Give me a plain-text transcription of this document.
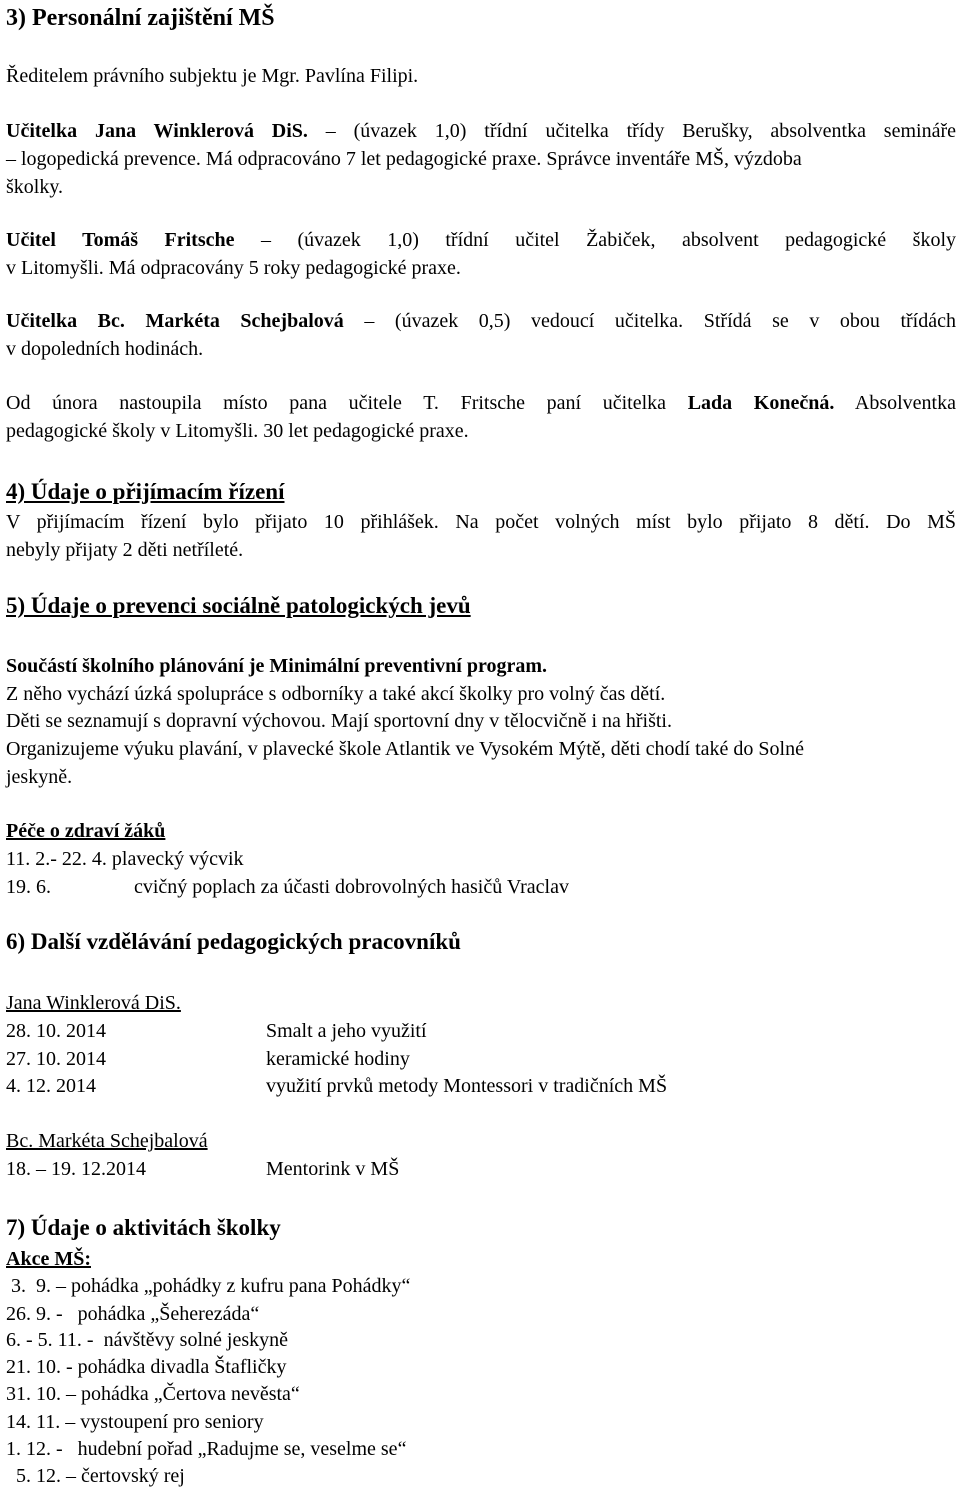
3) Personální zajištění MŠ
Ředitelem právního subjektu je Mgr. Pavlína Filipi.
Učitelka Jana Winklerová DiS. – (úvazek 1,0) třídní učitelka třídy Berušky, absolventka semináře
– logopedická prevence. Má odpracováno 7 let pedagogické praxe. Správce inventáře MŠ, výzdoba
školky.
Učitel Tomáš Fritsche – (úvazek 1,0) třídní učitel Žabiček, absolvent pedagogické školy
v Litomyšli. Má odpracovány 5 roky pedagogické praxe.
Učitelka Bc. Markéta Schejbalová – (úvazek 0,5) vedoucí učitelka. Střídá se v obou třídách
v dopoledních hodinách.
Od února nastoupila místo pana učitele T. Fritsche paní učitelka Lada Konečná. Absolventka
pedagogické školy v Litomyšli. 30 let pedagogické praxe.
4) Údaje o přijímacím řízení
V přijímacím řízení bylo přijato 10 přihlášek. Na počet volných míst bylo přijato 8 dětí. Do MŠ
nebyly přijaty 2 děti netříleté.
5) Údaje o prevenci sociálně patologických jevů
Součástí školního plánování je Minimální preventivní program.
Z něho vychází úzká spolupráce s odborníky a také akcí školky pro volný čas dětí.
Děti se seznamují s dopravní výchovou. Mají sportovní dny v tělocvičně i na hřišti.
Organizujeme výuku plavání, v plavecké škole Atlantik ve Vysokém Mýtě, děti chodí také do Solné
jeskyně.
Péče o zdraví žáků
11. 2.- 22. 4. plavecký výcvik
19. 6.	cvičný poplach za účasti dobrovolných hasičů Vraclav
6) Další vzdělávání pedagogických pracovníků
Jana Winklerová DiS.
28. 10. 2014	Smalt a jeho využití
27. 10. 2014	keramické hodiny
4. 12. 2014	využití prvků metody Montessori v tradičních MŠ
Bc. Markéta Schejbalová
18. – 19. 12.2014	Mentorink v MŠ
7) Údaje o aktivitách školky
Akce MŠ:
3.  9. – pohádka „pohádky z kufru pana Pohádky“
26. 9. -   pohádka „Šeherezáda“
6. - 5. 11. -  návštěvy solné jeskyně
21. 10. - pohádka divadla Štafličky
31. 10. – pohádka „Čertova nevěsta“
14. 11. – vystoupení pro seniory
1. 12. -   hudební pořad „Radujme se, veselme se“
5. 12. – čertovský rej
